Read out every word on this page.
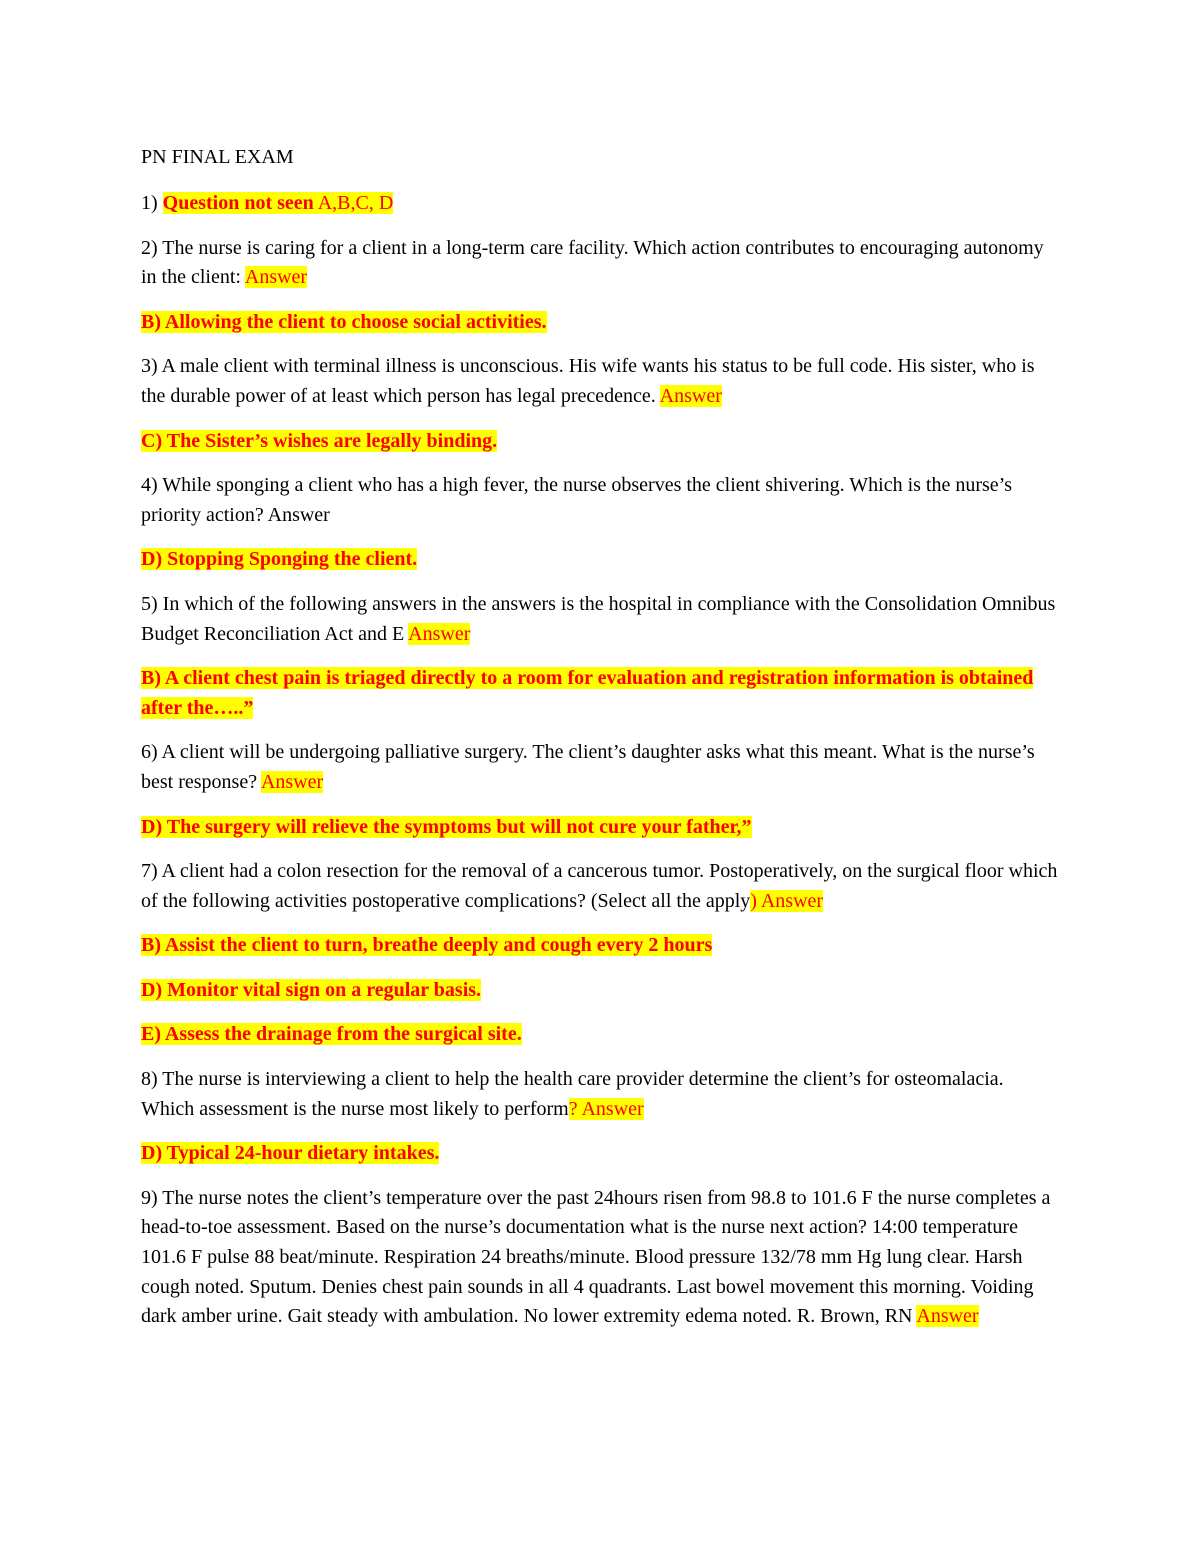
PN FINAL EXAM

1) Question not seen A,B,C, D

2) The nurse is caring for a client in a long-term care facility. Which action contributes to encouraging autonomy in the client: Answer

B) Allowing the client to choose social activities.

3) A male client with terminal illness is unconscious. His wife wants his status to be full code. His sister, who is the durable power of at least which person has legal precedence. Answer

C) The Sister’s wishes are legally binding.

4) While sponging a client who has a high fever, the nurse observes the client shivering. Which is the nurse’s priority action? Answer

D) Stopping Sponging the client.

5) In which of the following answers in the answers is the hospital in compliance with the Consolidation Omnibus Budget Reconciliation Act and E Answer

B) A client chest pain is triaged directly to a room for evaluation and registration information is obtained after the…..”

6) A client will be undergoing palliative surgery. The client’s daughter asks what this meant. What is the nurse’s best response? Answer

D) The surgery will relieve the symptoms but will not cure your father,”

7) A client had a colon resection for the removal of a cancerous tumor. Postoperatively, on the surgical floor which of the following activities postoperative complications? (Select all the apply) Answer

B) Assist the client to turn, breathe deeply and cough every 2 hours

D) Monitor vital sign on a regular basis.

E) Assess the drainage from the surgical site.

8) The nurse is interviewing a client to help the health care provider determine the client’s for osteomalacia. Which assessment is the nurse most likely to perform? Answer

D) Typical 24-hour dietary intakes.

9) The nurse notes the client’s temperature over the past 24hours risen from 98.8 to 101.6 F the nurse completes a head-to-toe assessment. Based on the nurse’s documentation what is the nurse next action? 14:00 temperature 101.6 F pulse 88 beat/minute. Respiration 24 breaths/minute. Blood pressure 132/78 mm Hg lung clear. Harsh cough noted. Sputum. Denies chest pain sounds in all 4 quadrants. Last bowel movement this morning. Voiding dark amber urine. Gait steady with ambulation. No lower extremity edema noted. R. Brown, RN Answer
